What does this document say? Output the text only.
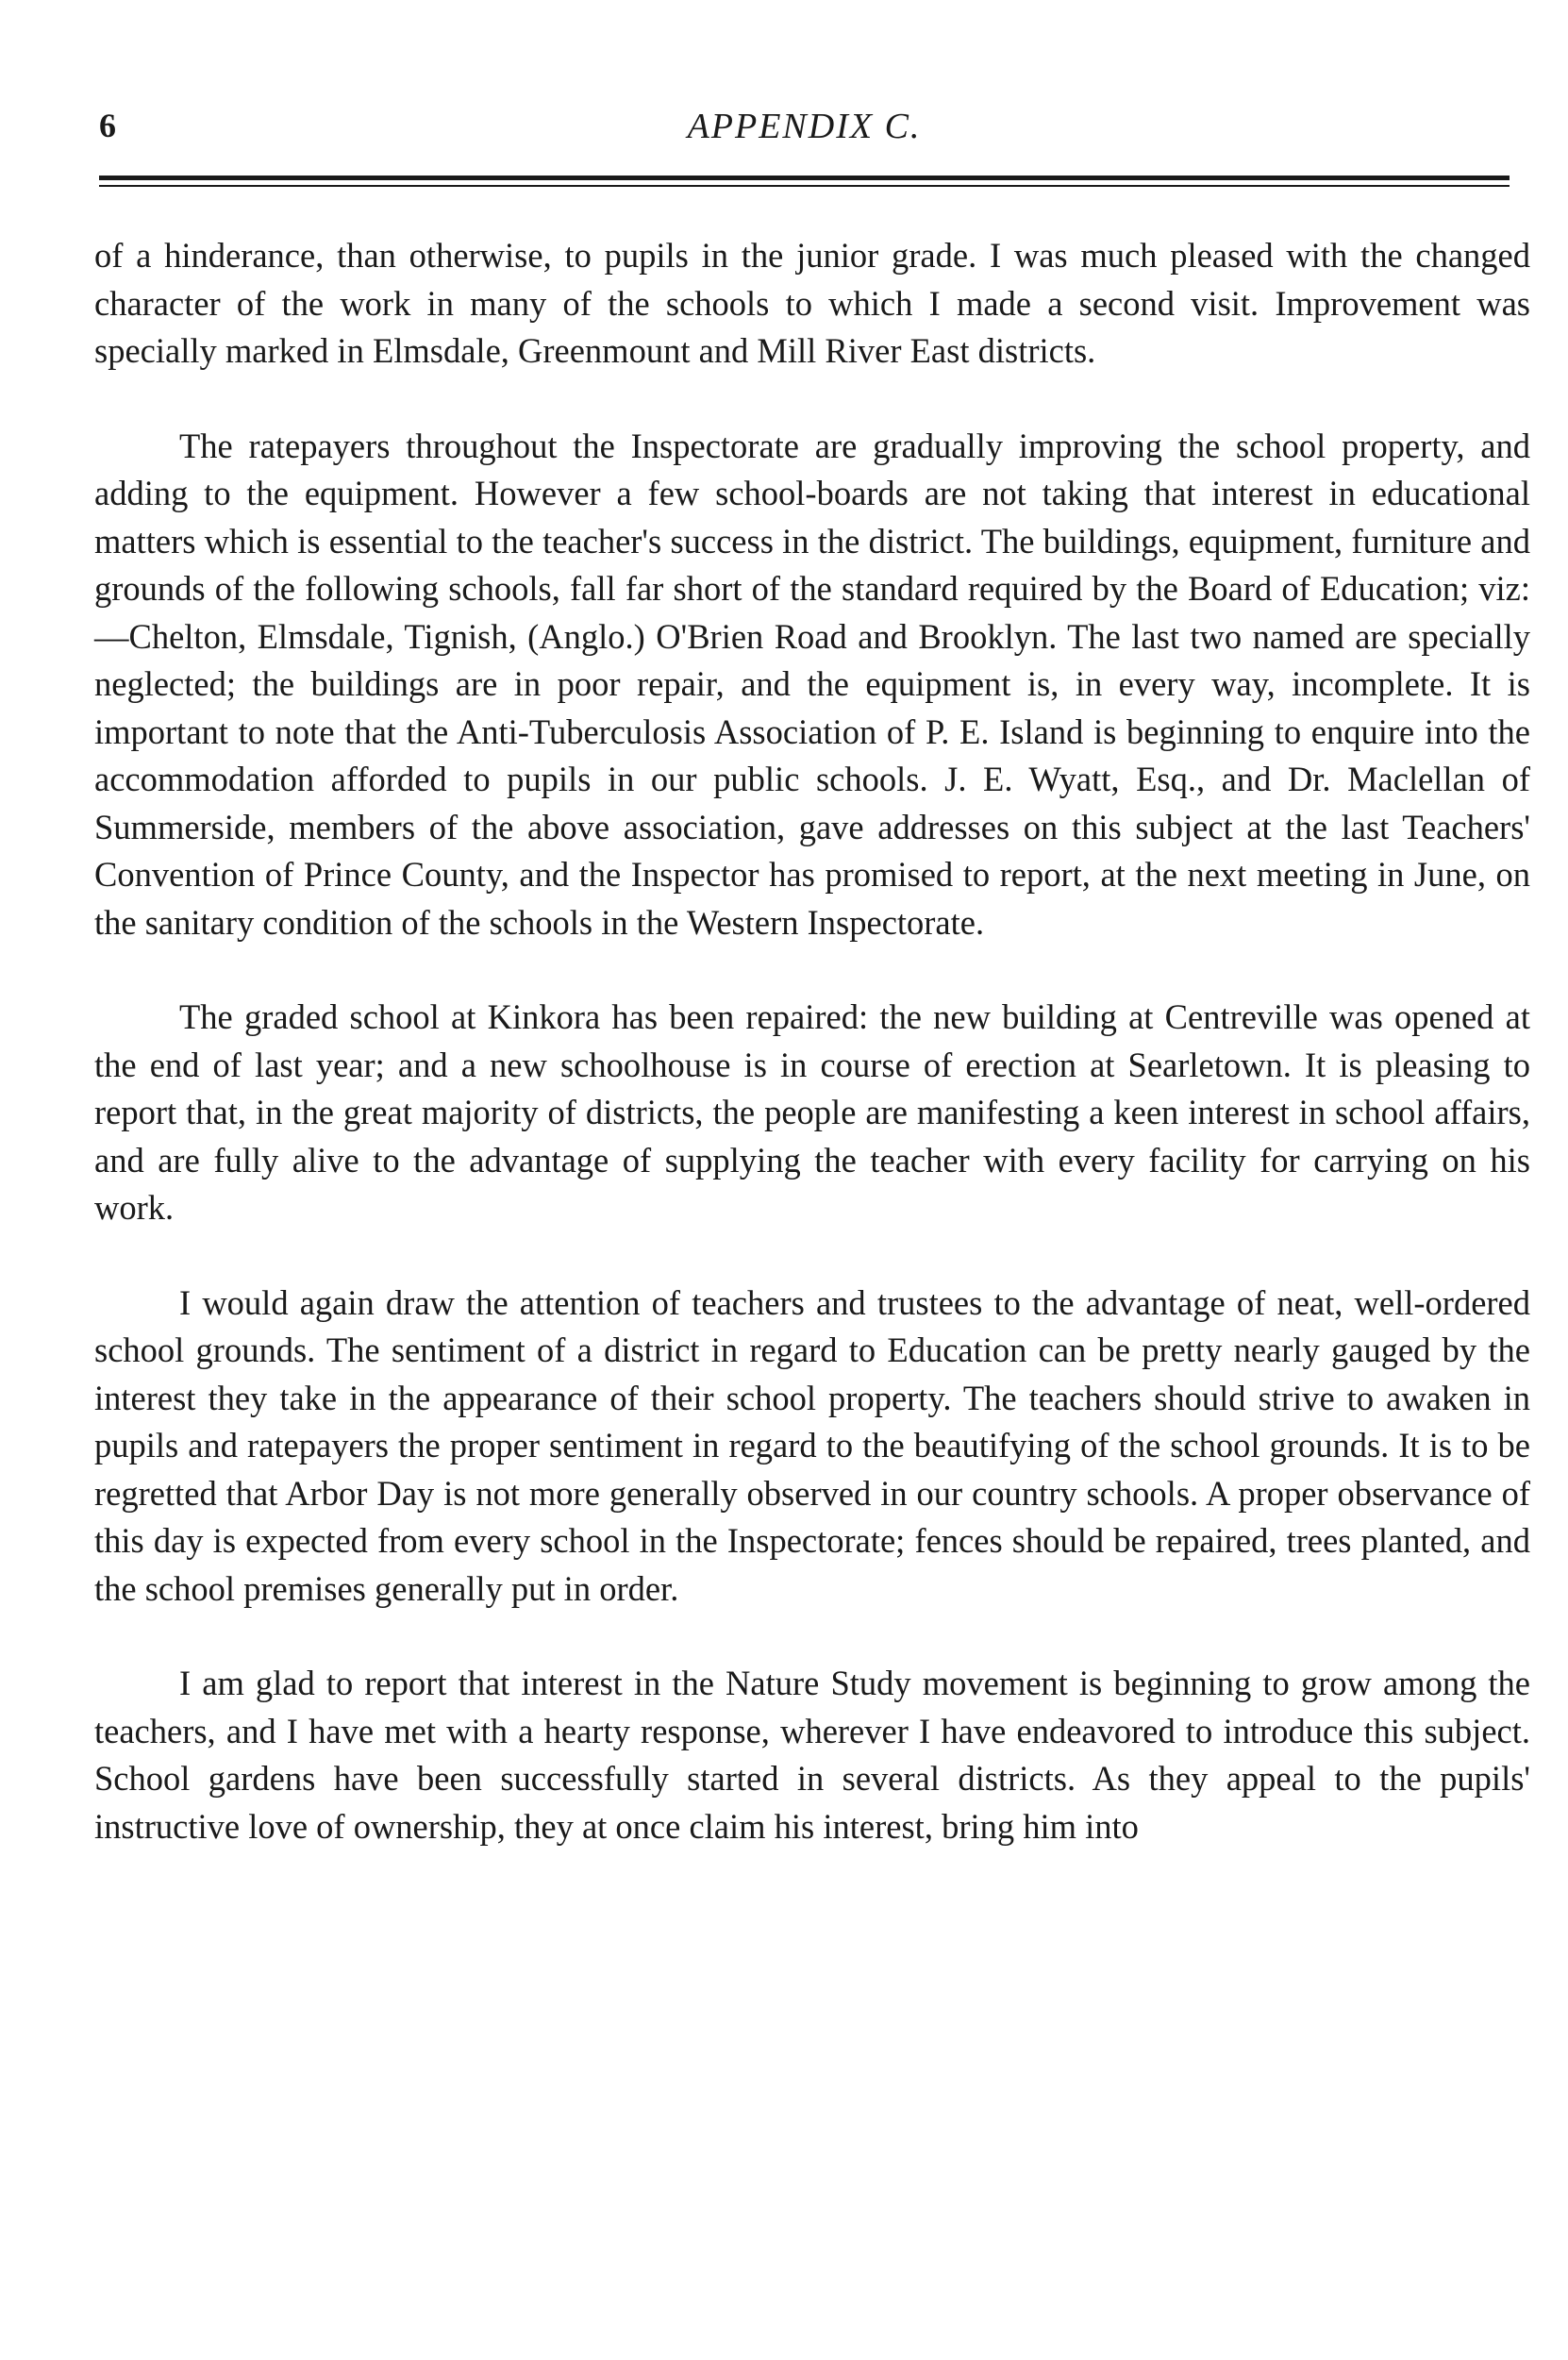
6	APPENDIX C.

of a hinderance, than otherwise, to pupils in the junior grade. I was much pleased with the changed character of the work in many of the schools to which I made a second visit. Improvement was specially marked in Elmsdale, Greenmount and Mill River East districts.

The ratepayers throughout the Inspectorate are gradually improving the school property, and adding to the equipment. However a few school-boards are not taking that interest in educational matters which is essential to the teacher's success in the district. The buildings, equipment, furniture and grounds of the following schools, fall far short of the standard required by the Board of Education; viz:—Chelton, Elmsdale, Tignish, (Anglo.) O'Brien Road and Brooklyn. The last two named are specially neglected; the buildings are in poor repair, and the equipment is, in every way, incomplete. It is important to note that the Anti-Tuberculosis Association of P. E. Island is beginning to enquire into the accommodation afforded to pupils in our public schools. J. E. Wyatt, Esq., and Dr. Maclellan of Summerside, members of the above association, gave addresses on this subject at the last Teachers' Convention of Prince County, and the Inspector has promised to report, at the next meeting in June, on the sanitary condition of the schools in the Western Inspectorate.

The graded school at Kinkora has been repaired: the new building at Centreville was opened at the end of last year; and a new schoolhouse is in course of erection at Searletown. It is pleasing to report that, in the great majority of districts, the people are manifesting a keen interest in school affairs, and are fully alive to the advantage of supplying the teacher with every facility for carrying on his work.

I would again draw the attention of teachers and trustees to the advantage of neat, well-ordered school grounds. The sentiment of a district in regard to Education can be pretty nearly gauged by the interest they take in the appearance of their school property. The teachers should strive to awaken in pupils and ratepayers the proper sentiment in regard to the beautifying of the school grounds. It is to be regretted that Arbor Day is not more generally observed in our country schools. A proper observance of this day is expected from every school in the Inspectorate; fences should be repaired, trees planted, and the school premises generally put in order.

I am glad to report that interest in the Nature Study movement is beginning to grow among the teachers, and I have met with a hearty response, wherever I have endeavored to introduce this subject. School gardens have been successfully started in several districts. As they appeal to the pupils' instructive love of ownership, they at once claim his interest, bring him into
